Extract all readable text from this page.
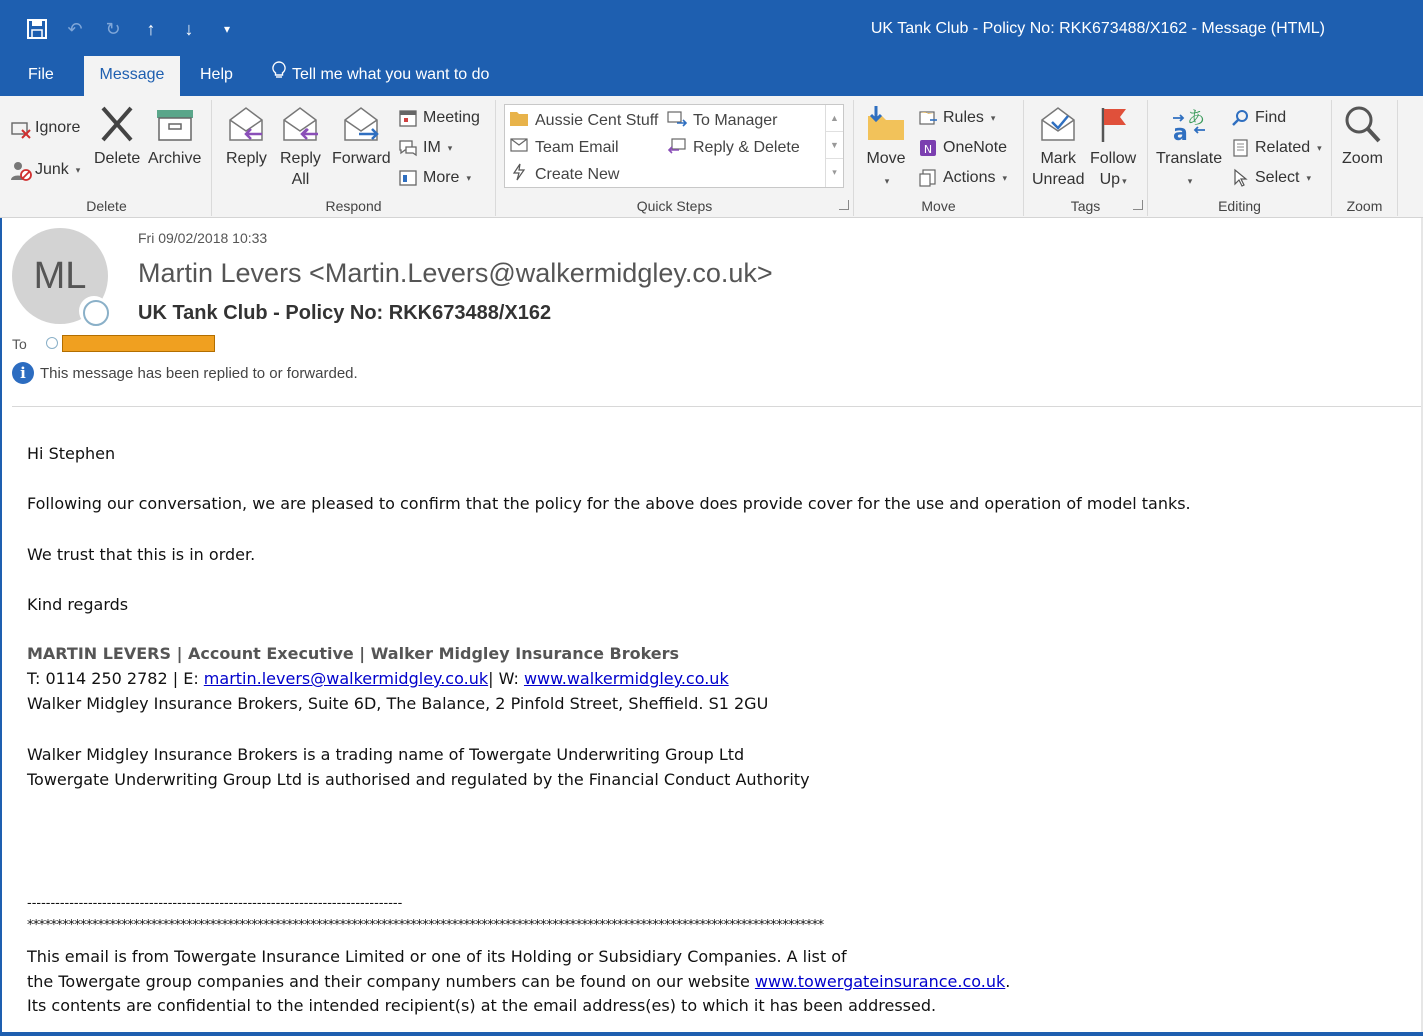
↶	↻	↑	↓	▾	UK Tank Club - Policy No: RKK673488/X162 - Message (HTML)
File	Message	Help	Tell me what you want to do
Ignore
Junk ▾
Delete Archive
Delete
Reply Reply
All
Forward
Meeting
IM ▾
More ▾
Respond
Aussie Cent Stuff To Manager
Team Email	Reply & Delete
Create New
▲
▼
▾
Quick Steps
Move
▾
Rules ▾
N OneNote
Actions ▾
Move
Mark
Unread
Follow
Up ▾
Tags
a
あ
Translate
▾
Find
Related ▾
Select ▾
Editing
Zoom
Zoom
ML
Fri 09/02/2018 10:33
Martin Levers <Martin.Levers@walkermidgley.co.uk>
UK Tank Club - Policy No: RKK673488/X162
To
i This message has been replied to or forwarded.

Hi Stephen

Following our conversation, we are pleased to confirm that the policy for the above does provide cover for the use and operation of model tanks.

We trust that this is in order.

Kind regards

MARTIN LEVERS | Account Executive | Walker Midgley Insurance Brokers

T: 0114 250 2782 | E: martin.levers@walkermidgley.co.uk| W: www.walkermidgley.co.uk

Walker Midgley Insurance Brokers, Suite 6D, The Balance, 2 Pinfold Street, Sheffield. S1 2GU

Walker Midgley Insurance Brokers is a trading name of Towergate Underwriting Group Ltd

Towergate Underwriting Group Ltd is authorised and regulated by the Financial Conduct Authority

--------------------------------------------------------------------------------

***************************************************************************************************************************************

This email is from Towergate Insurance Limited or one of its Holding or Subsidiary Companies. A list of

the Towergate group companies and their company numbers can be found on our website www.towergateinsurance.co.uk.

Its contents are confidential to the intended recipient(s) at the email address(es) to which it has been addressed.
